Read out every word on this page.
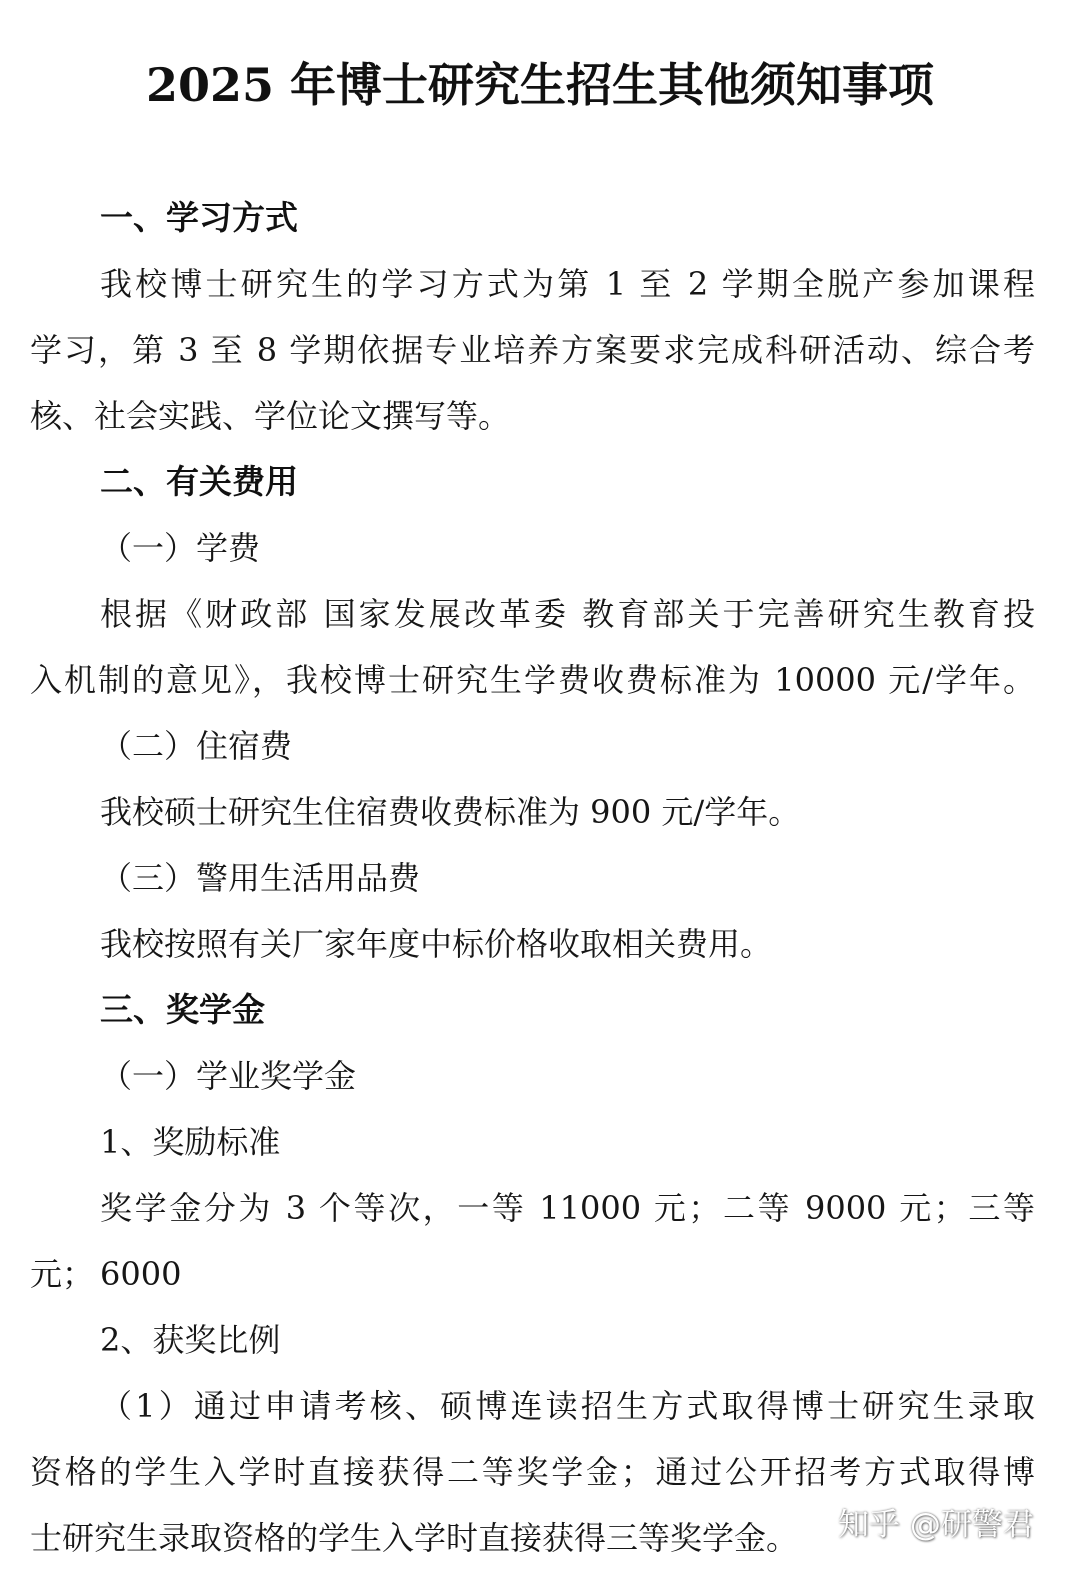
2025 年博士研究生招生其他须知事项
一、学习方式
我校博士研究生的学习方式为第 1 至 2 学期全脱产参加课程
学习，第 3 至 8 学期依据专业培养方案要求完成科研活动、综合考
核、社会实践、学位论文撰写等。
二、有关费用
（一）学费
根据《财政部 国家发展改革委 教育部关于完善研究生教育投
入机制的意见》，我校博士研究生学费收费标准为 10000 元/学年。
（二）住宿费
我校硕士研究生住宿费收费标准为 900 元/学年。
（三）警用生活用品费
我校按照有关厂家年度中标价格收取相关费用。
三、奖学金
（一）学业奖学金
1、奖励标准
奖学金分为 3 个等次，一等 11000 元；二等 9000 元；三等 6000
元；
2、获奖比例
（1）通过申请考核、硕博连读招生方式取得博士研究生录取
资格的学生入学时直接获得二等奖学金；通过公开招考方式取得博
士研究生录取资格的学生入学时直接获得三等奖学金。	知乎 @研警君
